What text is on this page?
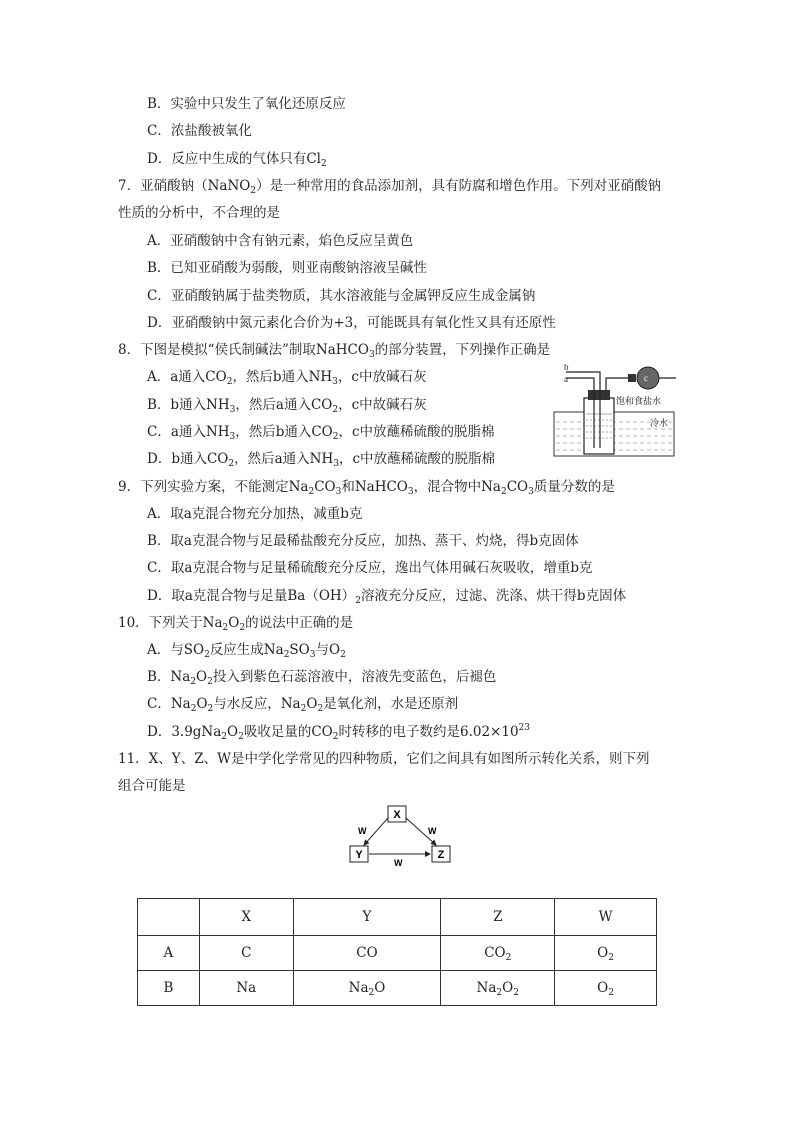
B．实验中只发生了氧化还原反应
C．浓盐酸被氧化
D．反应中生成的气体只有$Cl_2$
7．亚硝酸钠（NaNO$_2$）是一种常用的食品添加剂，具有防腐和增色作用。下列对亚硝酸钠
性质的分析中，不合理的是
A．亚硝酸钠中含有钠元素，焰色反应呈黄色
B．已知亚硝酸为弱酸，则亚南酸钠溶液呈碱性
C．亚硝酸钠属于盐类物质，其水溶液能与金属钾反应生成金属钠
D．亚硝酸钠中氮元素化合价为+3，可能既具有氧化性又具有还原性
8．下图是模拟“侯氏制碱法”制取NaHCO$_3$的部分装置，下列操作正确是
A．a通入$CO_2$，然后b通入$NH_3$，c中放碱石灰
B．b通入$NH_3$，然后a通入$CO_2$，c中故碱石灰
C．a通入$NH_3$，然后b通入$CO_2$，c中放蘸稀硫酸的脱脂棉
D．b通入$CO_2$，然后a通入$NH_3$，c中放蘸稀硫酸的脱脂棉
b
a	c
饱和食盐水
冷水
9．下列实验方案，不能测定$Na_2CO_3$和NaHCO$_3$，混合物中$Na_2CO_3$质量分数的是
A．取a克混合物充分加热，减重b克
B．取a克混合物与足最稀盐酸充分反应，加热、蒸干、灼烧，得b克固体
C．取a克混合物与足量稀硫酸充分反应，逸出气体用碱石灰吸收，增重b克
D．取a克混合物与足量$Ba(OH)_2$溶液充分反应，过滤、洗涤、烘干得b克固体
10．下列关于$Na_2O_2$的说法中正确的是
A．与$SO_2$反应生成$Na_2SO_3$与$O_2$
B．$Na_2O_2$投入到紫色石蕊溶液中，溶液先变蓝色，后褪色
C．$Na_2O_2$与水反应，$Na_2O_2$是氧化剂，水是还原剂
D．$3.9gNa_2O_2$吸收足量的$CO_2$时转移的电子数约是$6.02\times 10^{23}$
11．X、Y、Z、W是中学化学常见的四种物质，它们之间具有如图所示转化关系，则下列
组合可能是
X
Y	Z
W	W
W
	X	Y	Z	W
A	C	CO	$CO_2$	$O_2$
B	Na	$Na_2O$	$Na_2O_2$	$O_2$
